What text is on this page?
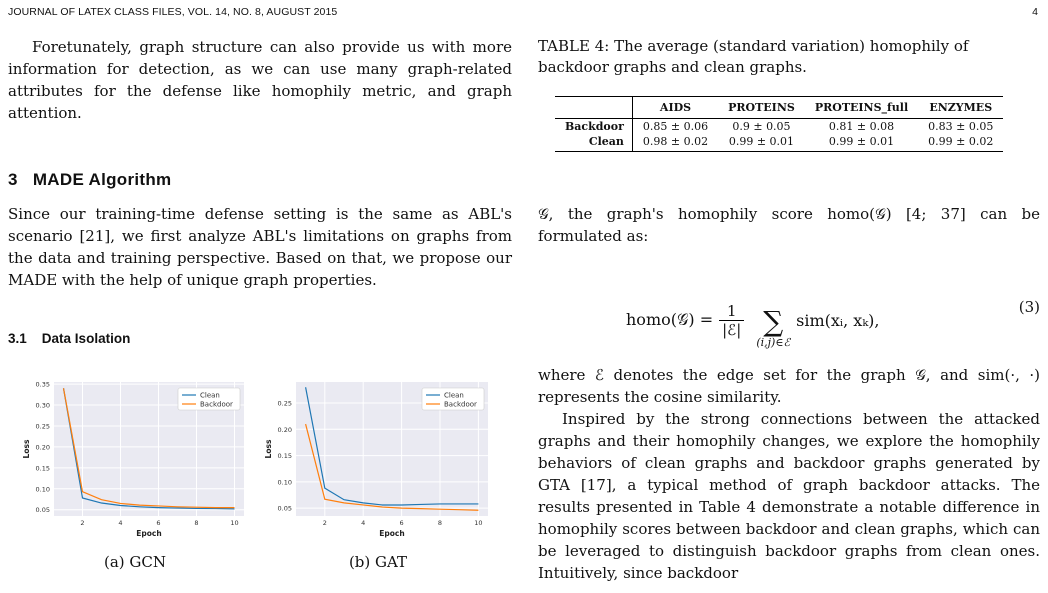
JOURNAL OF LATEX CLASS FILES, VOL. 14, NO. 8, AUGUST 2015	4

Foretunately, graph structure can also provide us with more information for detection, as we can use many graph-related attributes for the defense like homophily metric, and graph attention.

3 MADE Algorithm

Since our training-time defense setting is the same as ABL's scenario [21], we first analyze ABL's limitations on graphs from the data and training perspective. Based on that, we propose our MADE with the help of unique graph properties.

3.1 Data Isolation
0.05
0.10
0.15
0.20
0.25
0.30
0.35
2	4	6	8	10
Epoch
Loss
Clean
Backdoor
(a) GCN
0.05
0.10
0.15
0.20
0.25
2	4	6	8	10
Epoch
Loss
Clean
Backdoor
(b) GAT
TABLE 4: The average (standard variation) homophily of backdoor graphs and clean graphs.
	AIDS	PROTEINS	PROTEINS_full	ENZYMES
Backdoor	0.85 ± 0.06	0.9 ± 0.05	0.81 ± 0.08	0.83 ± 0.05
Clean	0.98 ± 0.02	0.99 ± 0.01	0.99 ± 0.01	0.99 ± 0.02

𝒢, the graph's homophily score homo(𝒢) [4; 37] can be formulated as:

homo(𝒢) = 1
|ℰ| ∑
(i,j)∈ℰ
sim(xᵢ, xₖ),
(3)

where ℰ denotes the edge set for the graph 𝒢, and sim(·, ·) represents the cosine similarity.

Inspired by the strong connections between the attacked graphs and their homophily changes, we explore the homophily behaviors of clean graphs and backdoor graphs generated by GTA [17], a typical method of graph backdoor attacks. The results presented in Table 4 demonstrate a notable difference in homophily scores between backdoor and clean graphs, which can be leveraged to distinguish backdoor graphs from clean ones. Intuitively, since backdoor
